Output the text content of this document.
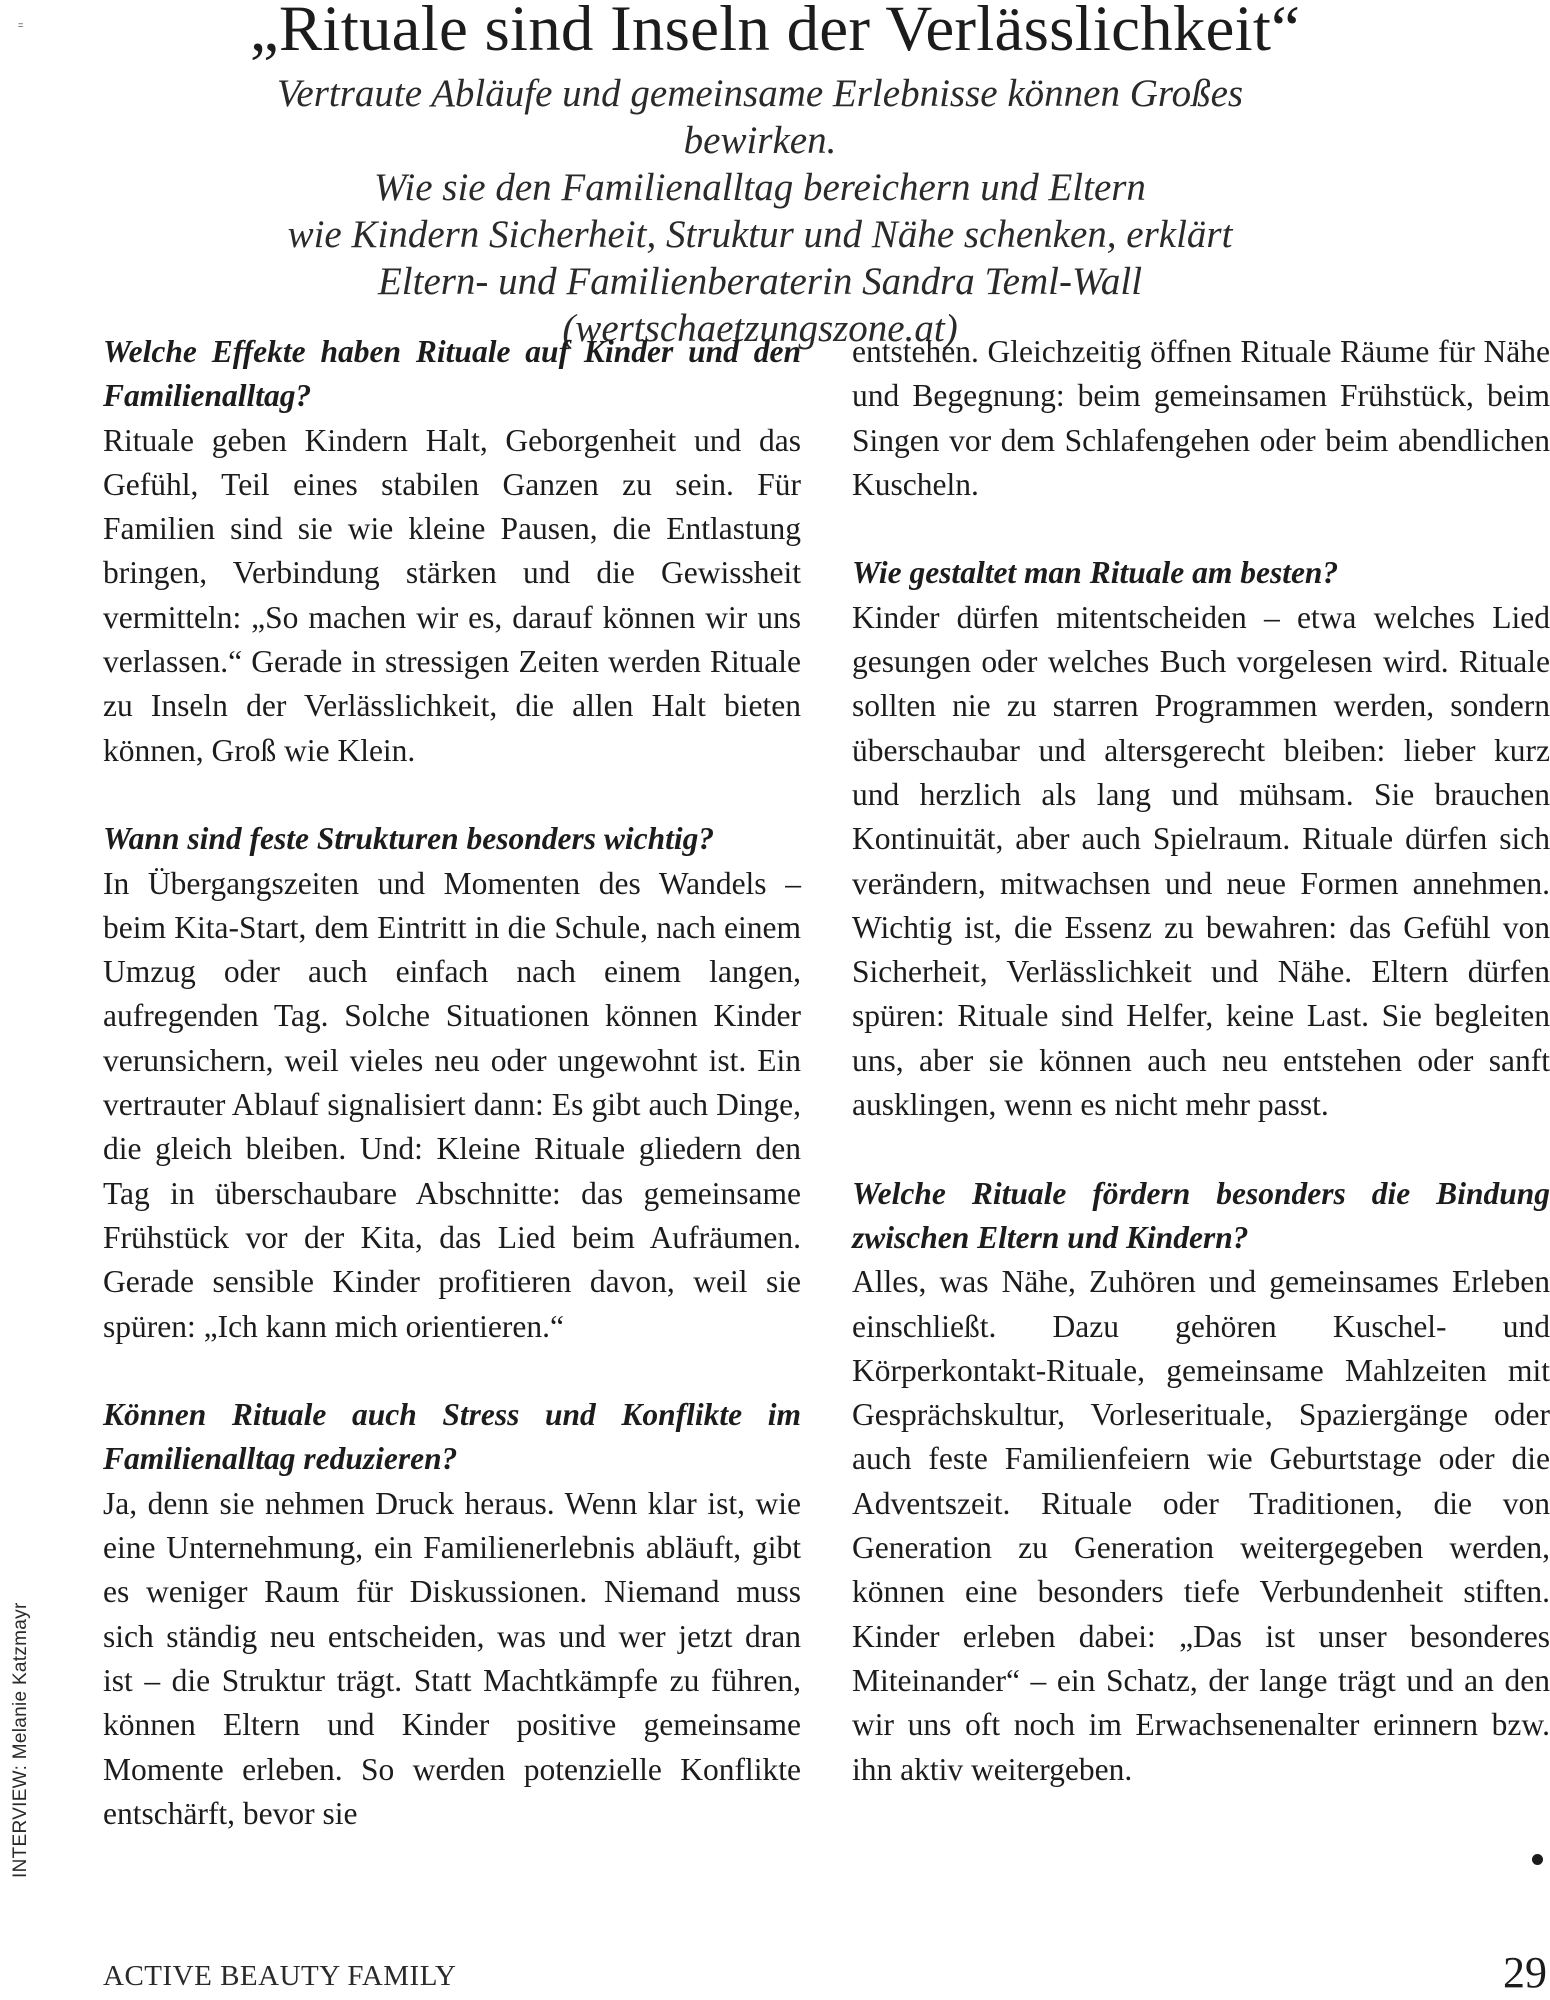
=	„Rituale sind Inseln der Verlässlichkeit“

Vertraute Abläufe und gemeinsame Erlebnisse können Großes bewirken.
Wie sie den Familienalltag bereichern und Eltern
wie Kindern Sicherheit, Struktur und Nähe schenken, erklärt
Eltern- und Familienberaterin Sandra Teml-Wall
(wertschaetzungszone.at)

Welche Effekte haben Rituale auf Kinder und den Familienalltag?

Rituale geben Kindern Halt, Geborgenheit und das Gefühl, Teil eines stabilen Ganzen zu sein. Für Familien sind sie wie kleine Pausen, die Entlastung bringen, Verbindung stärken und die Gewissheit vermitteln: „So machen wir es, darauf können wir uns verlassen.“ Gerade in stressigen Zeiten werden Rituale zu Inseln der Verlässlichkeit, die allen Halt bieten können, Groß wie Klein.

Wann sind feste Strukturen besonders wichtig?

In Übergangszeiten und Momenten des Wandels – beim Kita-Start, dem Eintritt in die Schule, nach einem Umzug oder auch einfach nach einem langen, aufregenden Tag. Solche Situationen können Kinder verunsichern, weil vieles neu oder ungewohnt ist. Ein vertrauter Ablauf signalisiert dann: Es gibt auch Dinge, die gleich bleiben. Und: Kleine Rituale gliedern den Tag in überschaubare Abschnitte: das gemeinsame Frühstück vor der Kita, das Lied beim Aufräumen. Gerade sensible Kinder profitieren davon, weil sie spüren: „Ich kann mich orientieren.“

Können Rituale auch Stress und Konflikte im Familienalltag reduzieren?

Ja, denn sie nehmen Druck heraus. Wenn klar ist, wie eine Unternehmung, ein Familienerlebnis abläuft, gibt es weniger Raum für Diskussionen. Niemand muss sich ständig neu entscheiden, was und wer jetzt dran ist – die Struktur trägt. Statt Machtkämpfe zu führen, können Eltern und Kinder positive gemeinsame Momente erleben. So werden potenzielle Konflikte entschärft, bevor sie

entstehen. Gleichzeitig öffnen Rituale Räume für Nähe und Begegnung: beim gemeinsamen Frühstück, beim Singen vor dem Schlafengehen oder beim abendlichen Kuscheln.

Wie gestaltet man Rituale am besten?

Kinder dürfen mitentscheiden – etwa welches Lied gesungen oder welches Buch vorgelesen wird. Rituale sollten nie zu starren Programmen werden, sondern überschaubar und altersgerecht bleiben: lieber kurz und herzlich als lang und mühsam. Sie brauchen Kontinuität, aber auch Spielraum. Rituale dürfen sich verändern, mitwachsen und neue Formen annehmen. Wichtig ist, die Essenz zu bewahren: das Gefühl von Sicherheit, Verlässlichkeit und Nähe. Eltern dürfen spüren: Rituale sind Helfer, keine Last. Sie begleiten uns, aber sie können auch neu entstehen oder sanft ausklingen, wenn es nicht mehr passt.

Welche Rituale fördern besonders die Bindung zwischen Eltern und Kindern?

Alles, was Nähe, Zuhören und gemeinsames Erleben einschließt. Dazu gehören Kuschel- und Körperkontakt-Rituale, gemeinsame Mahlzeiten mit Gesprächskultur, Vorleserituale, Spaziergänge oder auch feste Familienfeiern wie Geburtstage oder die Adventszeit. Rituale oder Traditionen, die von Generation zu Generation weitergegeben werden, können eine besonders tiefe Verbundenheit stiften. Kinder erleben dabei: „Das ist unser besonderes Miteinander“ – ein Schatz, der lange trägt und an den wir uns oft noch im Erwachsenenalter erinnern bzw. ihn aktiv weitergeben.

INTERVIEW: Melanie Katzmayr
ACTIVE BEAUTY FAMILY	29
